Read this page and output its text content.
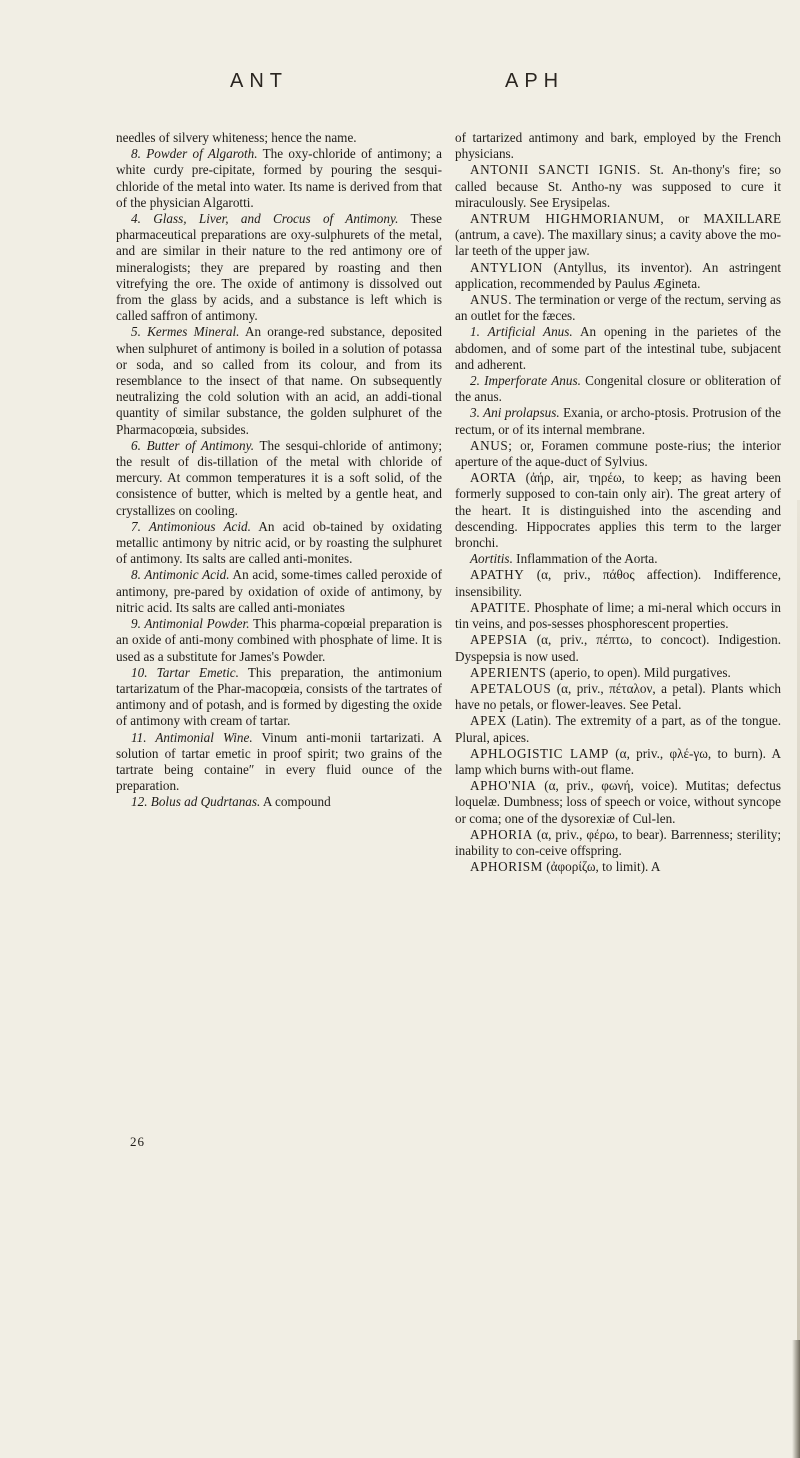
ANT	APH

needles of silvery whiteness; hence the name.

8. Powder of Algaroth. The oxy-chloride of antimony; a white curdy pre-cipitate, formed by pouring the sesqui-chloride of the metal into water. Its name is derived from that of the physician Algarotti.

4. Glass, Liver, and Crocus of Antimony. These pharmaceutical preparations are oxy-sulphurets of the metal, and are similar in their nature to the red antimony ore of mineralogists; they are prepared by roasting and then vitrefying the ore. The oxide of antimony is dissolved out from the glass by acids, and a substance is left which is called saffron of antimony.

5. Kermes Mineral. An orange-red substance, deposited when sulphuret of antimony is boiled in a solution of potassa or soda, and so called from its colour, and from its resemblance to the insect of that name. On subsequently neutralizing the cold solution with an acid, an addi-tional quantity of similar substance, the golden sulphuret of the Pharmacopœia, subsides.

6. Butter of Antimony. The sesqui-chloride of antimony; the result of dis-tillation of the metal with chloride of mercury. At common temperatures it is a soft solid, of the consistence of butter, which is melted by a gentle heat, and crystallizes on cooling.

7. Antimonious Acid. An acid ob-tained by oxidating metallic antimony by nitric acid, or by roasting the sulphuret of antimony. Its salts are called anti-monites.

8. Antimonic Acid. An acid, some-times called peroxide of antimony, pre-pared by oxidation of oxide of antimony, by nitric acid. Its salts are called anti-moniates

9. Antimonial Powder. This pharma-copœial preparation is an oxide of anti-mony combined with phosphate of lime. It is used as a substitute for James's Powder.

10. Tartar Emetic. This preparation, the antimonium tartarizatum of the Phar-macopœia, consists of the tartrates of antimony and of potash, and is formed by digesting the oxide of antimony with cream of tartar.

11. Antimonial Wine. Vinum anti-monii tartarizati. A solution of tartar emetic in proof spirit; two grains of the tartrate being containe″ in every fluid ounce of the preparation.

12. Bolus ad Qudrtanas. A compound

of tartarized antimony and bark, employed by the French physicians.

ANTONII SANCTI IGNIS. St. An-thony's fire; so called because St. Antho-ny was supposed to cure it miraculously. See Erysipelas.

ANTRUM HIGHMORIANUM, or MAXILLARE (antrum, a cave). The maxillary sinus; a cavity above the mo-lar teeth of the upper jaw.

ANTYLION (Antyllus, its inventor). An astringent application, recommended by Paulus Ægineta.

ANUS. The termination or verge of the rectum, serving as an outlet for the fæces.

1. Artificial Anus. An opening in the parietes of the abdomen, and of some part of the intestinal tube, subjacent and adherent.

2. Imperforate Anus. Congenital closure or obliteration of the anus.

3. Ani prolapsus. Exania, or archo-ptosis. Protrusion of the rectum, or of its internal membrane.

ANUS; or, Foramen commune poste-rius; the interior aperture of the aque-duct of Sylvius.

AORTA (ἀήρ, air, τηρέω, to keep; as having been formerly supposed to con-tain only air). The great artery of the heart. It is distinguished into the ascending and descending. Hippocrates applies this term to the larger bronchi.

Aortitis. Inflammation of the Aorta.

APATHY (α, priv., πάθος affection). Indifference, insensibility.

APATITE. Phosphate of lime; a mi-neral which occurs in tin veins, and pos-sesses phosphorescent properties.

APEPSIA (α, priv., πέπτω, to concoct). Indigestion. Dyspepsia is now used.

APERIENTS (aperio, to open). Mild purgatives.

APETALOUS (α, priv., πέταλον, a petal). Plants which have no petals, or flower-leaves. See Petal.

APEX (Latin). The extremity of a part, as of the tongue. Plural, apices.

APHLOGISTIC LAMP (α, priv., φλέ-γω, to burn). A lamp which burns with-out flame.

APHO'NIA (α, priv., φωνή, voice). Mutitas; defectus loquelæ. Dumbness; loss of speech or voice, without syncope or coma; one of the dysorexiæ of Cul-len.

APHORIA (α, priv., φέρω, to bear). Barrenness; sterility; inability to con-ceive offspring.

APHORISM (ἀφορίζω, to limit). A

26
